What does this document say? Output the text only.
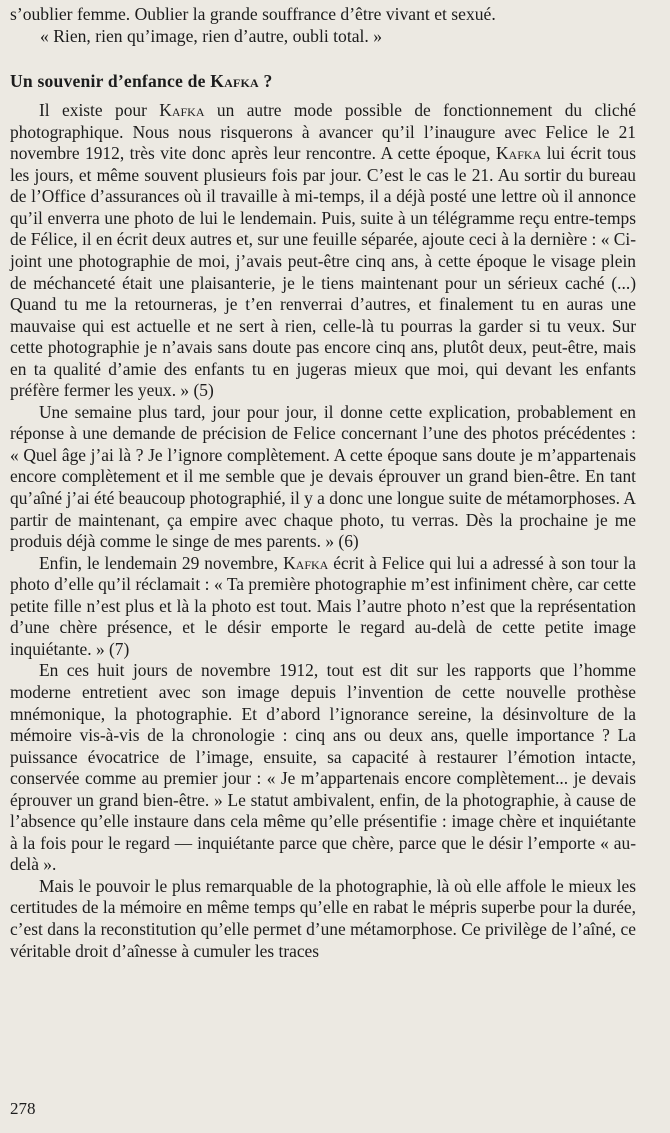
s’oublier femme. Oublier la grande souffrance d’être vivant et sexué.

« Rien, rien qu’image, rien d’autre, oubli total. »

Un souvenir d’enfance de Kafka ?

Il existe pour Kafka un autre mode possible de fonctionnement du cliché photographique. Nous nous risquerons à avancer qu’il l’inaugure avec Felice le 21 novembre 1912, très vite donc après leur rencontre. A cette époque, Kafka lui écrit tous les jours, et même souvent plusieurs fois par jour. C’est le cas le 21. Au sortir du bureau de l’Office d’assurances où il travaille à mi-temps, il a déjà posté une lettre où il annonce qu’il enverra une photo de lui le lendemain. Puis, suite à un télégramme reçu entre-temps de Félice, il en écrit deux autres et, sur une feuille séparée, ajoute ceci à la dernière : « Ci-joint une photographie de moi, j’avais peut-être cinq ans, à cette époque le visage plein de méchanceté était une plaisanterie, je le tiens maintenant pour un sérieux caché (...) Quand tu me la retourneras, je t’en renverrai d’autres, et finalement tu en auras une mauvaise qui est actuelle et ne sert à rien, celle-là tu pourras la garder si tu veux. Sur cette photographie je n’avais sans doute pas encore cinq ans, plutôt deux, peut-être, mais en ta qualité d’amie des enfants tu en jugeras mieux que moi, qui devant les enfants préfère fermer les yeux. » (5)

Une semaine plus tard, jour pour jour, il donne cette explication, probablement en réponse à une demande de précision de Felice concernant l’une des photos précédentes : « Quel âge j’ai là ? Je l’ignore complètement. A cette époque sans doute je m’appartenais encore complètement et il me semble que je devais éprouver un grand bien-être. En tant qu’aîné j’ai été beaucoup photographié, il y a donc une longue suite de métamorphoses. A partir de maintenant, ça empire avec chaque photo, tu verras. Dès la prochaine je me produis déjà comme le singe de mes parents. » (6)

Enfin, le lendemain 29 novembre, Kafka écrit à Felice qui lui a adressé à son tour la photo d’elle qu’il réclamait : « Ta première photographie m’est infiniment chère, car cette petite fille n’est plus et là la photo est tout. Mais l’autre photo n’est que la représentation d’une chère présence, et le désir emporte le regard au-delà de cette petite image inquiétante. » (7)

En ces huit jours de novembre 1912, tout est dit sur les rapports que l’homme moderne entretient avec son image depuis l’invention de cette nouvelle prothèse mnémonique, la photographie. Et d’abord l’ignorance sereine, la désinvolture de la mémoire vis-à-vis de la chronologie : cinq ans ou deux ans, quelle importance ? La puissance évocatrice de l’image, ensuite, sa capacité à restaurer l’émotion intacte, conservée comme au premier jour : « Je m’appartenais encore complètement... je devais éprouver un grand bien-être. » Le statut ambivalent, enfin, de la photographie, à cause de l’absence qu’elle instaure dans cela même qu’elle présentifie : image chère et inquiétante à la fois pour le regard — inquiétante parce que chère, parce que le désir l’emporte « au-delà ».

Mais le pouvoir le plus remarquable de la photographie, là où elle affole le mieux les certitudes de la mémoire en même temps qu’elle en rabat le mépris superbe pour la durée, c’est dans la reconstitution qu’elle permet d’une métamorphose. Ce privilège de l’aîné, ce véritable droit d’aînesse à cumuler les traces

278
